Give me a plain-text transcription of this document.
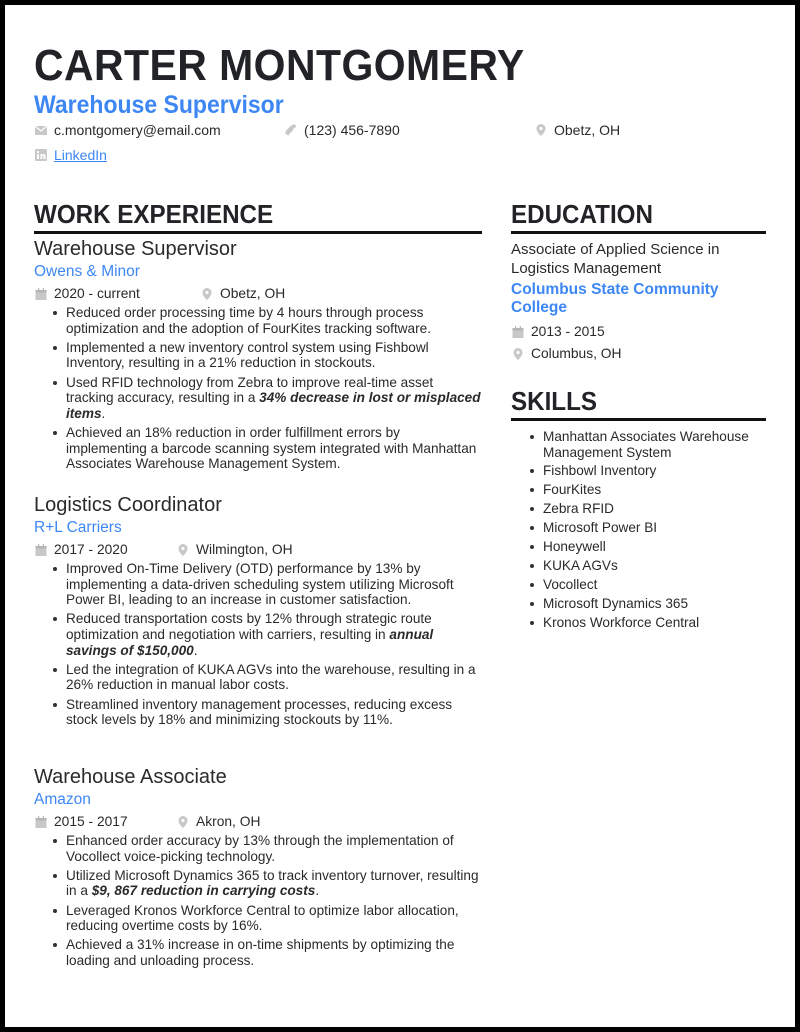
CARTER MONTGOMERY
Warehouse Supervisor
c.montgomery@email.com	(123) 456-7890	Obetz, OH
LinkedIn
WORK EXPERIENCE
Warehouse Supervisor
Owens & Minor
2020 - current	Obetz, OH
Reduced order processing time by 4 hours through process optimization and the adoption of FourKites tracking software.
Implemented a new inventory control system using Fishbowl Inventory, resulting in a 21% reduction in stockouts.
Used RFID technology from Zebra to improve real-time asset tracking accuracy, resulting in a 34% decrease in lost or misplaced items.
Achieved an 18% reduction in order fulfillment errors by implementing a barcode scanning system integrated with Manhattan Associates Warehouse Management System.
Logistics Coordinator
R+L Carriers
2017 - 2020	Wilmington, OH
Improved On-Time Delivery (OTD) performance by 13% by implementing a data-driven scheduling system utilizing Microsoft Power BI, leading to an increase in customer satisfaction.
Reduced transportation costs by 12% through strategic route optimization and negotiation with carriers, resulting in annual savings of $150,000.
Led the integration of KUKA AGVs into the warehouse, resulting in a 26% reduction in manual labor costs.
Streamlined inventory management processes, reducing excess stock levels by 18% and minimizing stockouts by 11%.
Warehouse Associate
Amazon
2015 - 2017	Akron, OH
Enhanced order accuracy by 13% through the implementation of Vocollect voice-picking technology.
Utilized Microsoft Dynamics 365 to track inventory turnover, resulting in a $9, 867 reduction in carrying costs.
Leveraged Kronos Workforce Central to optimize labor allocation, reducing overtime costs by 16%.
Achieved a 31% increase in on-time shipments by optimizing the loading and unloading process.
EDUCATION
Associate of Applied Science in Logistics Management
Columbus State Community College
2013 - 2015
Columbus, OH
SKILLS
Manhattan Associates Warehouse Management System
Fishbowl Inventory
FourKites
Zebra RFID
Microsoft Power BI
Honeywell
KUKA AGVs
Vocollect
Microsoft Dynamics 365
Kronos Workforce Central
